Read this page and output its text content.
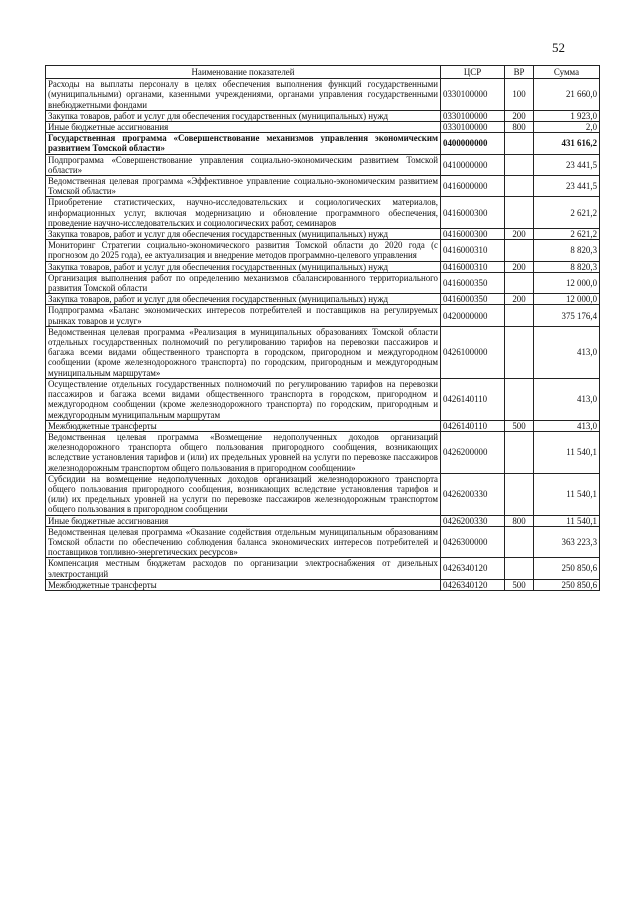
52
Наименование показателей	ЦСР	ВР	Сумма
Расходы на выплаты персоналу в целях обеспечения выполнения функций государственными (муниципальными) органами, казенными учреждениями, органами управления государственными внебюджетными фондами	0330100000	100	21 660,0
Закупка товаров, работ и услуг для обеспечения государственных (муниципальных) нужд	0330100000	200	1 923,0
Иные бюджетные ассигнования	0330100000	800	2,0
Государственная программа «Совершенствование механизмов управления экономическим развитием Томской области»	0400000000		431 616,2
Подпрограмма «Совершенствование управления социально-экономическим развитием Томской области»	0410000000		23 441,5
Ведомственная целевая программа «Эффективное управление социально-экономическим развитием Томской области»	0416000000		23 441,5
Приобретение статистических, научно-исследовательских и социологических материалов, информационных услуг, включая модернизацию и обновление программного обеспечения, проведение научно-исследовательских и социологических работ, семинаров	0416000300		2 621,2
Закупка товаров, работ и услуг для обеспечения государственных (муниципальных) нужд	0416000300	200	2 621,2
Мониторинг Стратегии социально-экономического развития Томской области до 2020 года (с прогнозом до 2025 года), ее актуализация и внедрение методов программно-целевого управления	0416000310		8 820,3
Закупка товаров, работ и услуг для обеспечения государственных (муниципальных) нужд	0416000310	200	8 820,3
Организация выполнения работ по определению механизмов сбалансированного территориального развития Томской области	0416000350		12 000,0
Закупка товаров, работ и услуг для обеспечения государственных (муниципальных) нужд	0416000350	200	12 000,0
Подпрограмма «Баланс экономических интересов потребителей и поставщиков на регулируемых рынках товаров и услуг»	0420000000		375 176,4
Ведомственная целевая программа «Реализация в муниципальных образованиях Томской области отдельных государственных полномочий по регулированию тарифов на перевозки пассажиров и багажа всеми видами общественного транспорта в городском, пригородном и междугородном сообщении (кроме железнодорожного транспорта) по городским, пригородным и междугородным муниципальным маршрутам»	0426100000		413,0
Осуществление отдельных государственных полномочий по регулированию тарифов на перевозки пассажиров и багажа всеми видами общественного транспорта в городском, пригородном и междугородном сообщении (кроме железнодорожного транспорта) по городским, пригородным и междугородным муниципальным маршрутам	0426140110		413,0
Межбюджетные трансферты	0426140110	500	413,0
Ведомственная целевая программа «Возмещение недополученных доходов организаций железнодорожного транспорта общего пользования пригородного сообщения, возникающих вследствие установления тарифов и (или) их предельных уровней на услуги по перевозке пассажиров железнодорожным транспортом общего пользования в пригородном сообщении»	0426200000		11 540,1
Субсидии на возмещение недополученных доходов организаций железнодорожного транспорта общего пользования пригородного сообщения, возникающих вследствие установления тарифов и (или) их предельных уровней на услуги по перевозке пассажиров железнодорожным транспортом общего пользования в пригородном сообщении	0426200330		11 540,1
Иные бюджетные ассигнования	0426200330	800	11 540,1
Ведомственная целевая программа «Оказание содействия отдельным муниципальным образованиям Томской области по обеспечению соблюдения баланса экономических интересов потребителей и поставщиков топливно-энергетических ресурсов»	0426300000		363 223,3
Компенсация местным бюджетам расходов по организации электроснабжения от дизельных электростанций	0426340120		250 850,6
Межбюджетные трансферты	0426340120	500	250 850,6
